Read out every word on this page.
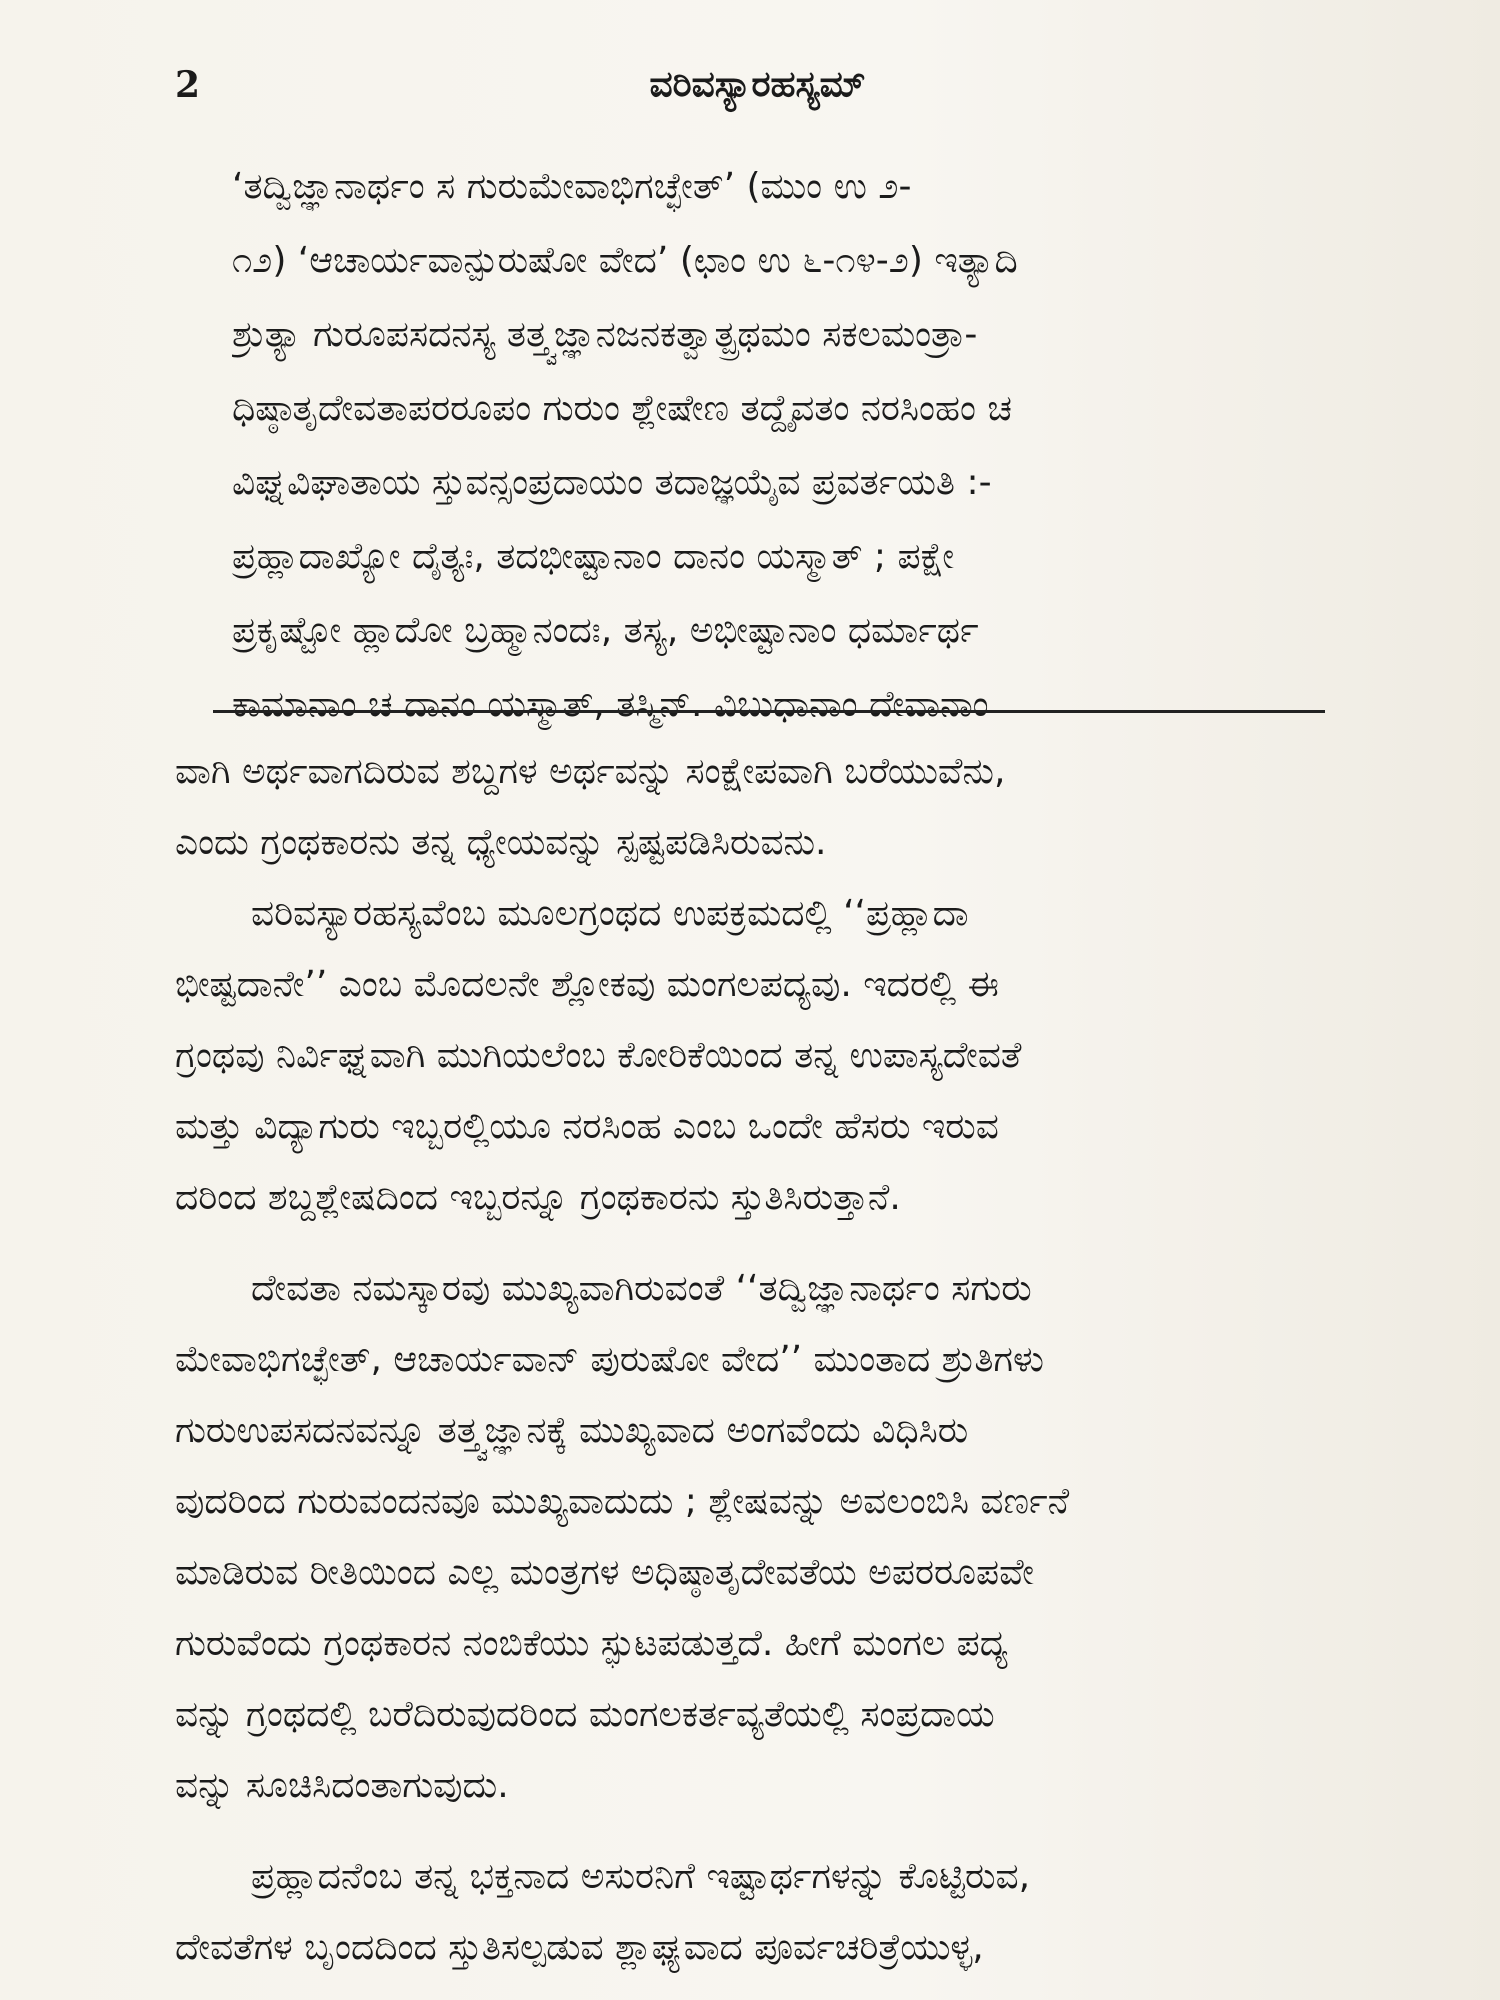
2	ವರಿವಸ್ಯಾರಹಸ್ಯಮ್
‘ತದ್ವಿಜ್ಞಾನಾರ್ಥಂ ಸ ಗುರುಮೇವಾಭಿಗಚ್ಛೇತ್’ (ಮುಂ ಉ ೨-
೧೨) ‘ಆಚಾರ್ಯವಾನ್ಪುರುಷೋ ವೇದ’ (ಛಾಂ ಉ ೬-೧೪-೨) ಇತ್ಯಾದಿ
ಶ್ರುತ್ಯಾ ಗುರೂಪಸದನಸ್ಯ ತತ್ತ್ವಜ್ಞಾನಜನಕತ್ವಾತ್ಪ್ರಥಮಂ ಸಕಲಮಂತ್ರಾ-
ಧಿಷ್ಠಾತೃದೇವತಾಪರರೂಪಂ ಗುರುಂ ಶ್ಲೇಷೇಣ ತದ್ದೈವತಂ ನರಸಿಂಹಂ ಚ
ವಿಘ್ನವಿಘಾತಾಯ ಸ್ತುವನ್ಸಂಪ್ರದಾಯಂ ತದಾಜ್ಞಯೈವ ಪ್ರವರ್ತಯತಿ :-
ಪ್ರಹ್ಲಾದಾಖ್ಯೋ ದೈತ್ಯಃ, ತದಭೀಷ್ಟಾನಾಂ ದಾನಂ ಯಸ್ಮಾತ್ ; ಪಕ್ಷೇ
ಪ್ರಕೃಷ್ಟೋ ಹ್ಲಾದೋ ಬ್ರಹ್ಮಾನಂದಃ, ತಸ್ಯ, ಅಭೀಷ್ಟಾನಾಂ ಧರ್ಮಾರ್ಥ
ಕಾಮಾನಾಂ ಚ ದಾನಂ ಯಸ್ಮಾತ್, ತಸ್ಮಿನ್. ವಿಬುಧಾನಾಂ ದೇವಾನಾಂ
ವಾಗಿ ಅರ್ಥವಾಗದಿರುವ ಶಬ್ದಗಳ ಅರ್ಥವನ್ನು ಸಂಕ್ಷೇಪವಾಗಿ ಬರೆಯುವೆನು,
ಎಂದು ಗ್ರಂಥಕಾರನು ತನ್ನ ಧ್ಯೇಯವನ್ನು ಸ್ಪಷ್ಟಪಡಿಸಿರುವನು.
ವರಿವಸ್ಯಾರಹಸ್ಯವೆಂಬ ಮೂಲಗ್ರಂಥದ ಉಪಕ್ರಮದಲ್ಲಿ ‘‘ಪ್ರಹ್ಲಾದಾ
ಭೀಷ್ಟದಾನೇ’’ ಎಂಬ ಮೊದಲನೇ ಶ್ಲೋಕವು ಮಂಗಲಪದ್ಯವು. ಇದರಲ್ಲಿ ಈ
ಗ್ರಂಥವು ನಿರ್ವಿಘ್ನವಾಗಿ ಮುಗಿಯಲೆಂಬ ಕೋರಿಕೆಯಿಂದ ತನ್ನ ಉಪಾಸ್ಯದೇವತೆ
ಮತ್ತು ವಿದ್ಯಾಗುರು ಇಬ್ಬರಲ್ಲಿಯೂ ನರಸಿಂಹ ಎಂಬ ಒಂದೇ ಹೆಸರು ಇರುವ
ದರಿಂದ ಶಬ್ದಶ್ಲೇಷದಿಂದ ಇಬ್ಬರನ್ನೂ ಗ್ರಂಥಕಾರನು ಸ್ತುತಿಸಿರುತ್ತಾನೆ.
ದೇವತಾ ನಮಸ್ಕಾರವು ಮುಖ್ಯವಾಗಿರುವಂತೆ ‘‘ತದ್ವಿಜ್ಞಾನಾರ್ಥಂ ಸಗುರು
ಮೇವಾಭಿಗಚ್ಛೇತ್, ಆಚಾರ್ಯವಾನ್ ಪುರುಷೋ ವೇದ’’ ಮುಂತಾದ ಶ್ರುತಿಗಳು
ಗುರುಉಪಸದನವನ್ನೂ ತತ್ತ್ವಜ್ಞಾನಕ್ಕೆ ಮುಖ್ಯವಾದ ಅಂಗವೆಂದು ವಿಧಿಸಿರು
ವುದರಿಂದ ಗುರುವಂದನವೂ ಮುಖ್ಯವಾದುದು ; ಶ್ಲೇಷವನ್ನು ಅವಲಂಬಿಸಿ ವರ್ಣನೆ
ಮಾಡಿರುವ ರೀತಿಯಿಂದ ಎಲ್ಲ ಮಂತ್ರಗಳ ಅಧಿಷ್ಠಾತೃದೇವತೆಯ ಅಪರರೂಪವೇ
ಗುರುವೆಂದು ಗ್ರಂಥಕಾರನ ನಂಬಿಕೆಯು ಸ್ಫುಟಪಡುತ್ತದೆ. ಹೀಗೆ ಮಂಗಲ ಪದ್ಯ
ವನ್ನು ಗ್ರಂಥದಲ್ಲಿ ಬರೆದಿರುವುದರಿಂದ ಮಂಗಲಕರ್ತವ್ಯತೆಯಲ್ಲಿ ಸಂಪ್ರದಾಯ
ವನ್ನು ಸೂಚಿಸಿದಂತಾಗುವುದು.
ಪ್ರಹ್ಲಾದನೆಂಬ ತನ್ನ ಭಕ್ತನಾದ ಅಸುರನಿಗೆ ಇಷ್ಟಾರ್ಥಗಳನ್ನು ಕೊಟ್ಟಿರುವ,
ದೇವತೆಗಳ ಬೃಂದದಿಂದ ಸ್ತುತಿಸಲ್ಪಡುವ ಶ್ಲಾಘ್ಯವಾದ ಪೂರ್ವಚರಿತ್ರೆಯುಳ್ಳ,
